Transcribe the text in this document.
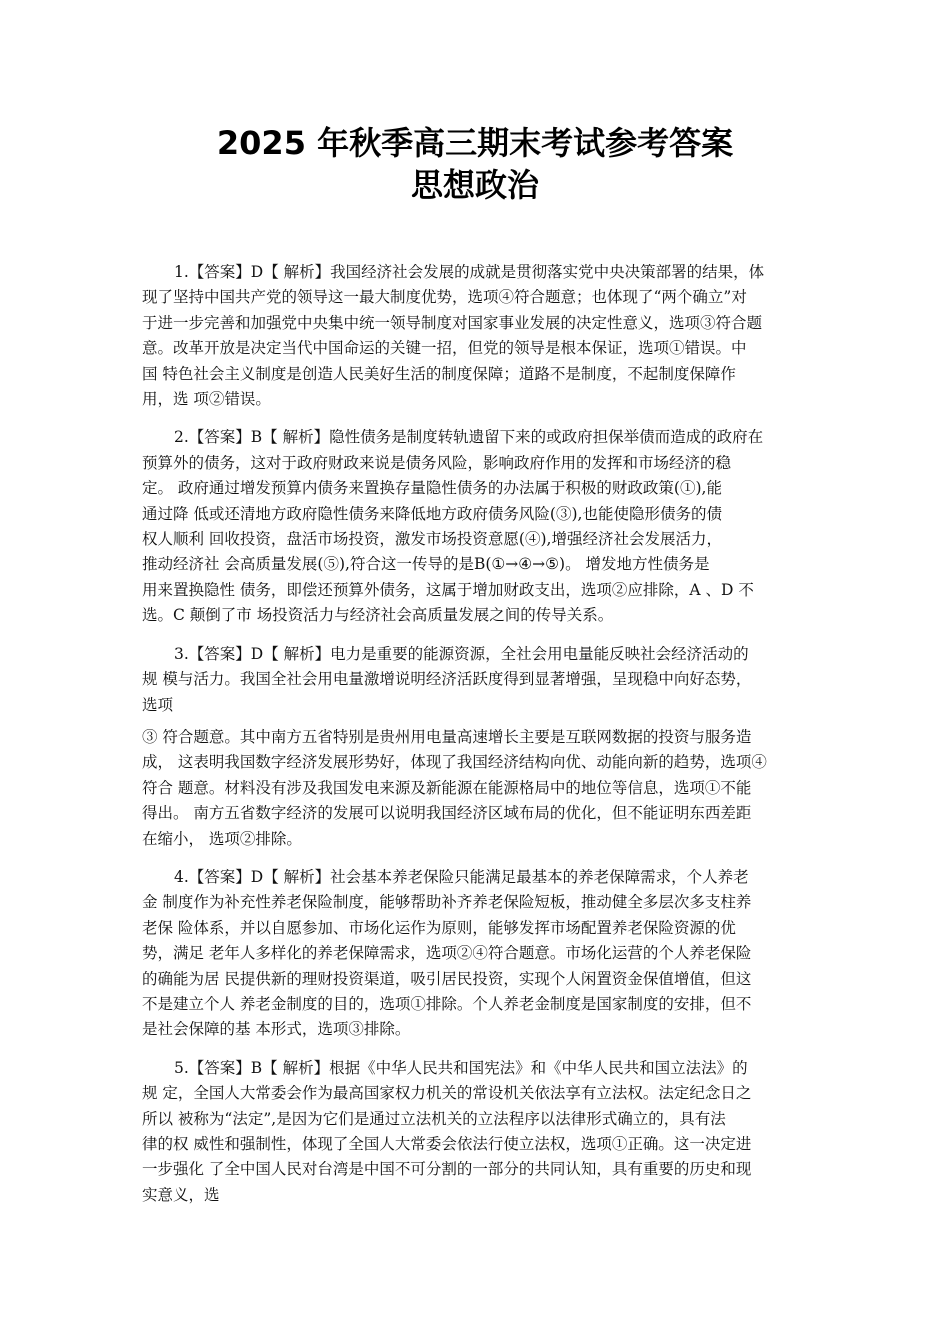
2025 年秋季高三期末考试参考答案
思想政治
1.【答案】D【 解析】我国经济社会发展的成就是贯彻落实党中央决策部署的结果，体
现了坚持中国共产党的领导这一最大制度优势，选项④符合题意；也体现了“两个确立”对
于进一步完善和加强党中央集中统一领导制度对国家事业发展的决定性意义，选项③符合题
意。改革开放是决定当代中国命运的关键一招，但党的领导是根本保证，选项①错误。中
国 特色社会主义制度是创造人民美好生活的制度保障；道路不是制度，不起制度保障作
用，选 项②错误。
2.【答案】B【 解析】隐性债务是制度转轨遗留下来的或政府担保举债而造成的政府在
预算外的债务，这对于政府财政来说是债务风险，影响政府作用的发挥和市场经济的稳
定。 政府通过增发预算内债务来置换存量隐性债务的办法属于积极的财政政策(①),能
通过降 低或还清地方政府隐性债务来降低地方政府债务风险(③),也能使隐形债务的债
权人顺利 回收投资，盘活市场投资，激发市场投资意愿(④),增强经济社会发展活力，
推动经济社 会高质量发展(⑤),符合这一传导的是B(①→④→⑤)。 增发地方性债务是
用来置换隐性 债务，即偿还预算外债务，这属于增加财政支出，选项②应排除，A 、D 不
选。C 颠倒了市 场投资活力与经济社会高质量发展之间的传导关系。
3.【答案】D【 解析】电力是重要的能源资源，全社会用电量能反映社会经济活动的
规 模与活力。我国全社会用电量激增说明经济活跃度得到显著增强，呈现稳中向好态势，
选项
③ 符合题意。其中南方五省特别是贵州用电量高速增长主要是互联网数据的投资与服务造
成， 这表明我国数字经济发展形势好，体现了我国经济结构向优、动能向新的趋势，选项④
符合 题意。材料没有涉及我国发电来源及新能源在能源格局中的地位等信息，选项①不能
得出。 南方五省数字经济的发展可以说明我国经济区域布局的优化，但不能证明东西差距
在缩小， 选项②排除。
4.【答案】D【 解析】社会基本养老保险只能满足最基本的养老保障需求，个人养老
金 制度作为补充性养老保险制度，能够帮助补齐养老保险短板，推动健全多层次多支柱养
老保 险体系，并以自愿参加、市场化运作为原则，能够发挥市场配置养老保险资源的优
势，满足 老年人多样化的养老保障需求，选项②④符合题意。市场化运营的个人养老保险
的确能为居 民提供新的理财投资渠道，吸引居民投资，实现个人闲置资金保值增值，但这
不是建立个人 养老金制度的目的，选项①排除。个人养老金制度是国家制度的安排，但不
是社会保障的基 本形式，选项③排除。
5.【答案】B【 解析】根据《中华人民共和国宪法》和《中华人民共和国立法法》的
规 定，全国人大常委会作为最高国家权力机关的常设机关依法享有立法权。法定纪念日之
所以 被称为“法定”,是因为它们是通过立法机关的立法程序以法律形式确立的，具有法
律的权 威性和强制性，体现了全国人大常委会依法行使立法权，选项①正确。这一决定进
一步强化 了全中国人民对台湾是中国不可分割的一部分的共同认知，具有重要的历史和现
实意义，选
